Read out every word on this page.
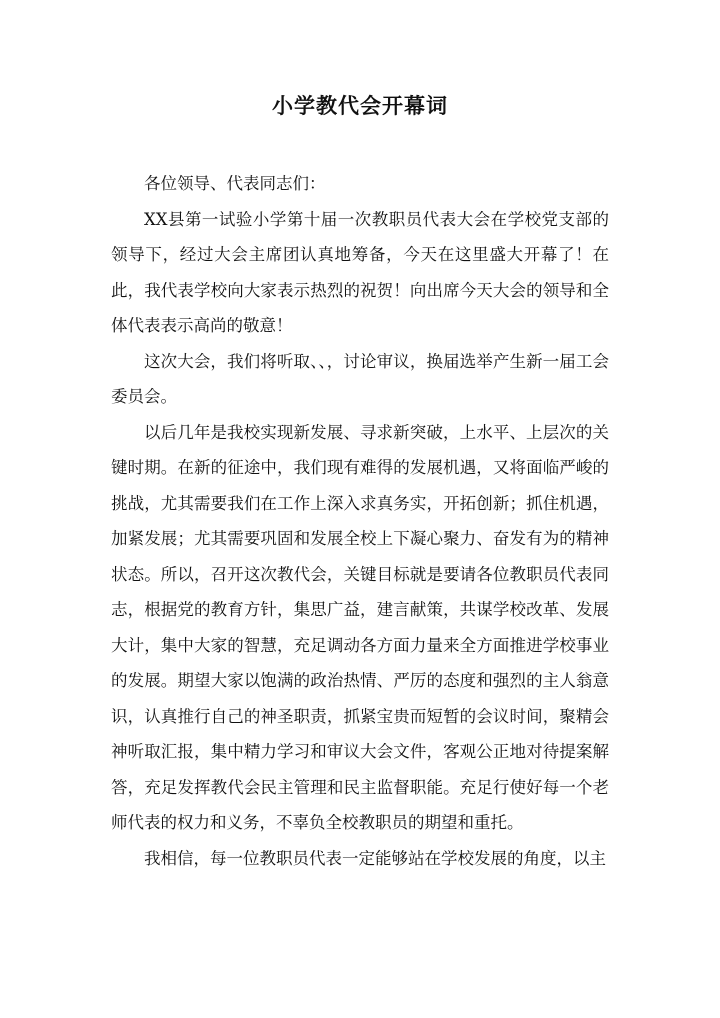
小学教代会开幕词

各位领导、代表同志们：

XX县第一试验小学第十届一次教职员代表大会在学校党支部的领导下，经过大会主席团认真地筹备，今天在这里盛大开幕了！在此，我代表学校向大家表示热烈的祝贺！向出席今天大会的领导和全体代表表示高尚的敬意！

这次大会，我们将听取、、，讨论审议，换届选举产生新一届工会委员会。

以后几年是我校实现新发展、寻求新突破，上水平、上层次的关键时期。在新的征途中，我们现有难得的发展机遇，又将面临严峻的挑战，尤其需要我们在工作上深入求真务实，开拓创新；抓住机遇，加紧发展；尤其需要巩固和发展全校上下凝心聚力、奋发有为的精神状态。所以，召开这次教代会，关键目标就是要请各位教职员代表同志，根据党的教育方针，集思广益，建言献策，共谋学校改革、发展大计，集中大家的智慧，充足调动各方面力量来全方面推进学校事业的发展。期望大家以饱满的政治热情、严厉的态度和强烈的主人翁意识，认真推行自己的神圣职责，抓紧宝贵而短暂的会议时间，聚精会神听取汇报，集中精力学习和审议大会文件，客观公正地对待提案解答，充足发挥教代会民主管理和民主监督职能。充足行使好每一个老师代表的权力和义务，不辜负全校教职员的期望和重托。

我相信，每一位教职员代表一定能够站在学校发展的角度，以主
